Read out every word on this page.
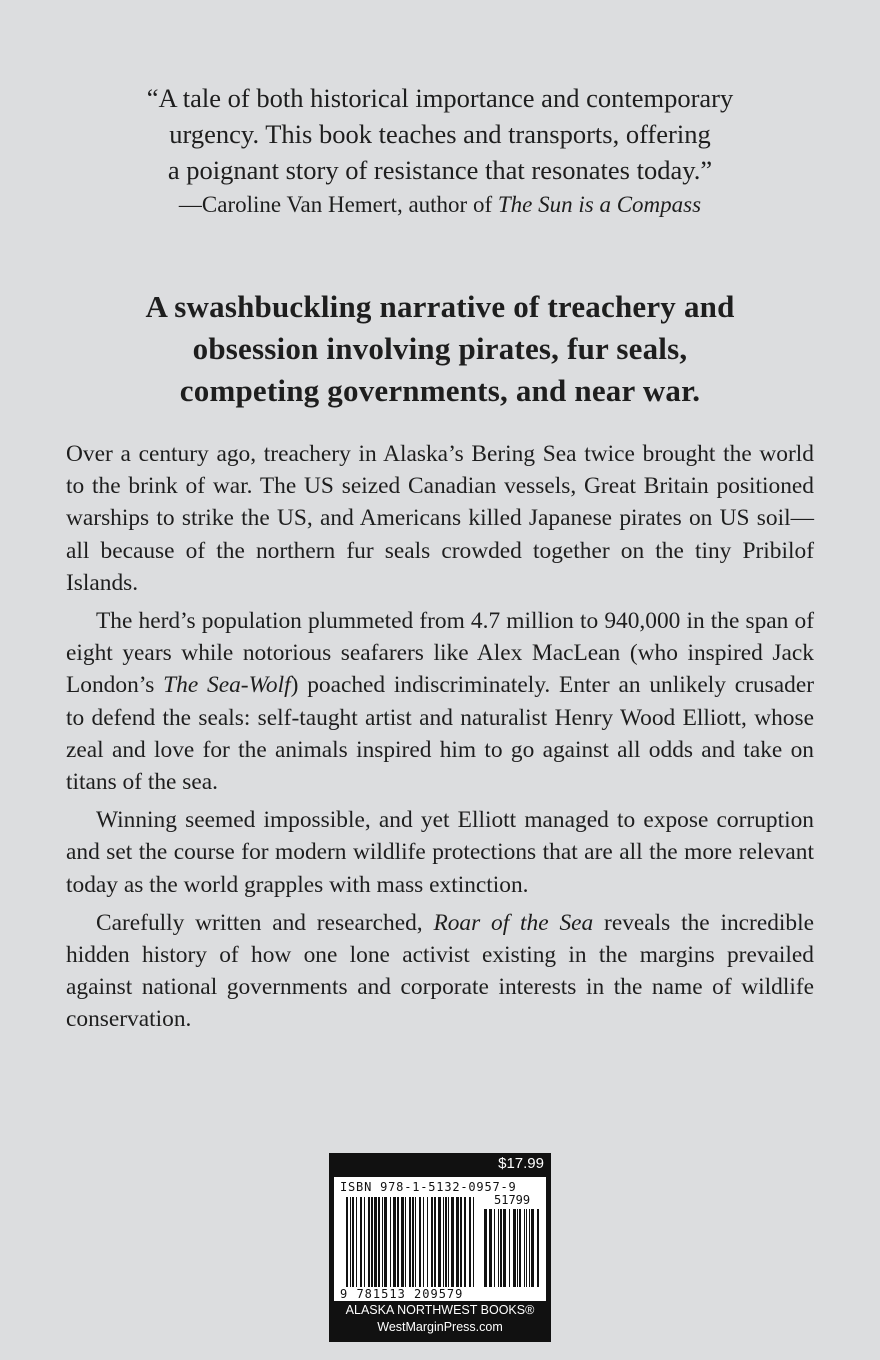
“A tale of both historical importance and contemporary
urgency. This book teaches and transports, offering
a poignant story of resistance that resonates today.”
—Caroline Van Hemert, author of The Sun is a Compass
A swashbuckling narrative of treachery and
obsession involving pirates, fur seals,
competing governments, and near war.

Over a century ago, treachery in Alaska’s Bering Sea twice brought the world to the brink of war. The US seized Canadian vessels, Great Britain positioned warships to strike the US, and Americans killed Japanese pirates on US soil—all because of the northern fur seals crowded together on the tiny Pribilof Islands.

The herd’s population plummeted from 4.7 million to 940,000 in the span of eight years while notorious seafarers like Alex MacLean (who inspired Jack London’s The Sea-Wolf) poached indiscriminately. Enter an unlikely crusader to defend the seals: self-taught artist and naturalist Henry Wood Elliott, whose zeal and love for the animals inspired him to go against all odds and take on titans of the sea.

Winning seemed impossible, and yet Elliott managed to expose corruption and set the course for modern wildlife protections that are all the more relevant today as the world grapples with mass extinction.

Carefully written and researched, Roar of the Sea reveals the incredible hidden history of how one lone activist existing in the margins prevailed against national governments and corporate interests in the name of wildlife conservation.

$17.99
ISBN 978-1-5132-0957-9
51799
9 781513 209579
ALASKA NORTHWEST BOOKS®
WestMarginPress.com
